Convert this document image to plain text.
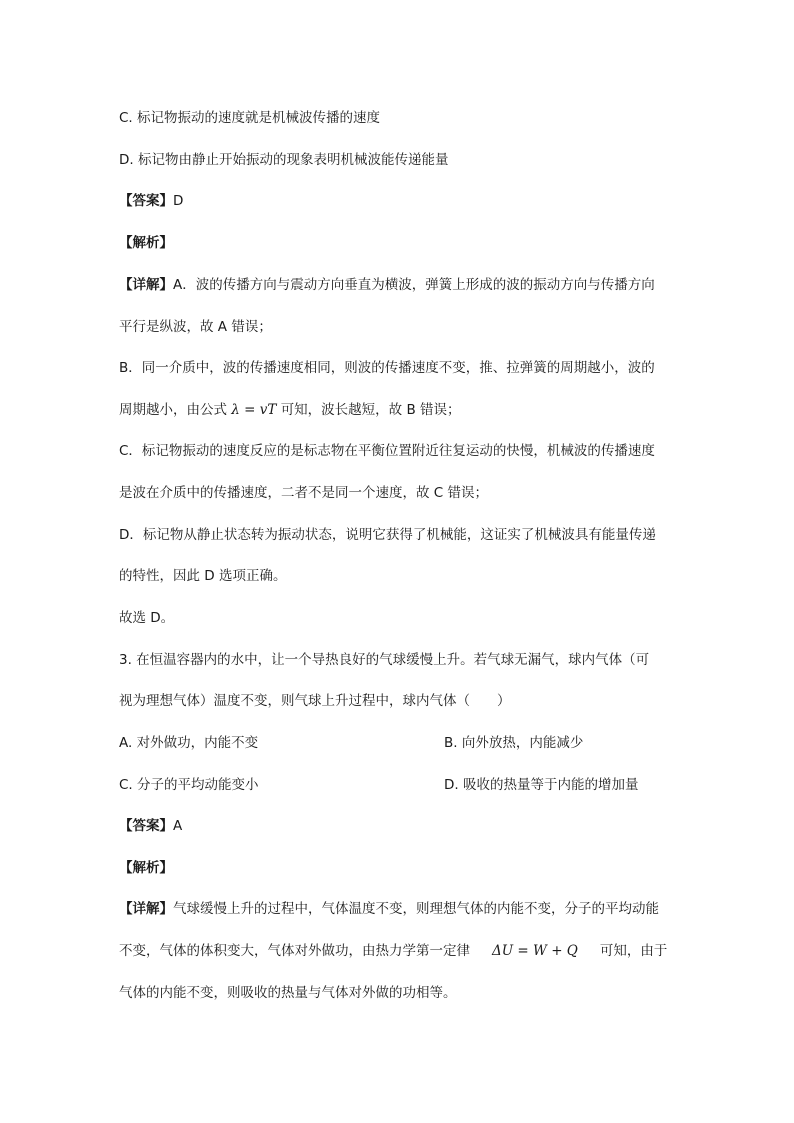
C. 标记物振动的速度就是机械波传播的速度
D. 标记物由静止开始振动的现象表明机械波能传递能量
【答案】D
【解析】
【详解】A．波的传播方向与震动方向垂直为横波，弹簧上形成的波的振动方向与传播方向
平行是纵波，故 A 错误；
B．同一介质中，波的传播速度相同，则波的传播速度不变，推、拉弹簧的周期越小，波的
周期越小，由公式 λ = vT 可知，波长越短，故 B 错误；
C．标记物振动的速度反应的是标志物在平衡位置附近往复运动的快慢，机械波的传播速度
是波在介质中的传播速度，二者不是同一个速度，故 C 错误；
D．标记物从静止状态转为振动状态，说明它获得了机械能，这证实了机械波具有能量传递
的特性，因此 D 选项正确。
故选 D。
3. 在恒温容器内的水中，让一个导热良好的气球缓慢上升。若气球无漏气，球内气体（可
视为理想气体）温度不变，则气球上升过程中，球内气体（　　）
A. 对外做功，内能不变	B. 向外放热，内能减少
C. 分子的平均动能变小	D. 吸收的热量等于内能的增加量
【答案】A
【解析】
【详解】气球缓慢上升的过程中，气体温度不变，则理想气体的内能不变，分子的平均动能
不变，气体的体积变大，气体对外做功，由热力学第一定律 ΔU = W + Q 可知，由于
气体的内能不变，则吸收的热量与气体对外做的功相等。
